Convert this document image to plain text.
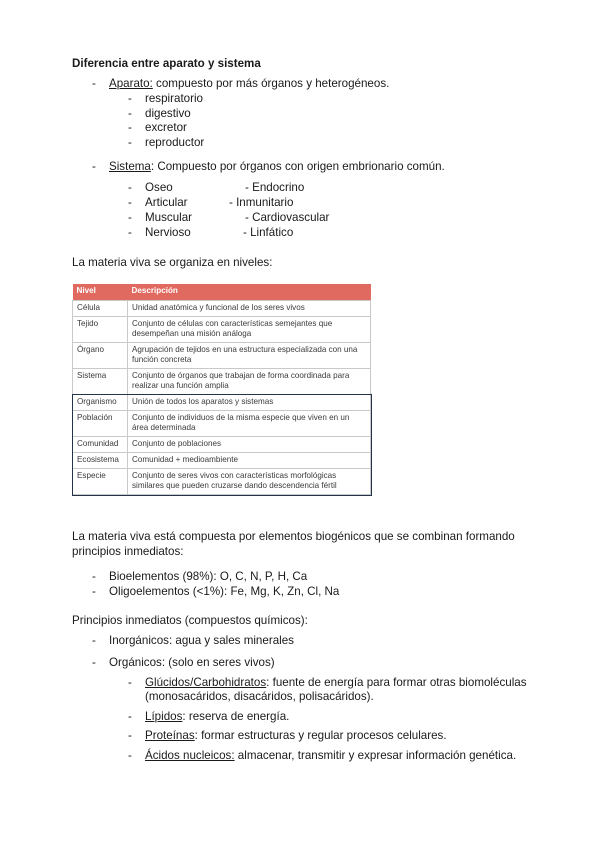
Diferencia entre aparato y sistema
- Aparato: compuesto por más órganos y heterogéneos.
- respiratorio
- digestivo
- excretor
- reproductor
- Sistema: Compuesto por órganos con origen embrionario común.
- Oseo	- Endocrino
- Articular	- Inmunitario
- Muscular	- Cardiovascular
- Nervioso	- Linfático
La materia viva se organiza en niveles:
Nivel	Descripción
Célula	Unidad anatómica y funcional de los seres vivos
Tejido	Conjunto de células con características semejantes que desempeñan una misión análoga
Órgano	Agrupación de tejidos en una estructura especializada con una función concreta
Sistema	Conjunto de órganos que trabajan de forma coordinada para realizar una función amplia
Organismo	Unión de todos los aparatos y sistemas
Población	Conjunto de individuos de la misma especie que viven en un área determinada
Comunidad	Conjunto de poblaciones
Ecosistema	Comunidad + medioambiente
Especie	Conjunto de seres vivos con características morfológicas similares que pueden cruzarse dando descendencia fértil
La materia viva está compuesta por elementos biogénicos que se combinan formando
principios inmediatos:
- Bioelementos (98%): O, C, N, P, H, Ca
- Oligoelementos (<1%): Fe, Mg, K, Zn, Cl, Na
Principios inmediatos (compuestos químicos):
- Inorgánicos: agua y sales minerales
- Orgánicos: (solo en seres vivos)
- Glúcidos/Carbohidratos: fuente de energía para formar otras biomoléculas
(monosacáridos, disacáridos, polisacáridos).
- Lípidos: reserva de energía.
- Proteínas: formar estructuras y regular procesos celulares.
- Ácidos nucleicos: almacenar, transmitir y expresar información genética.
